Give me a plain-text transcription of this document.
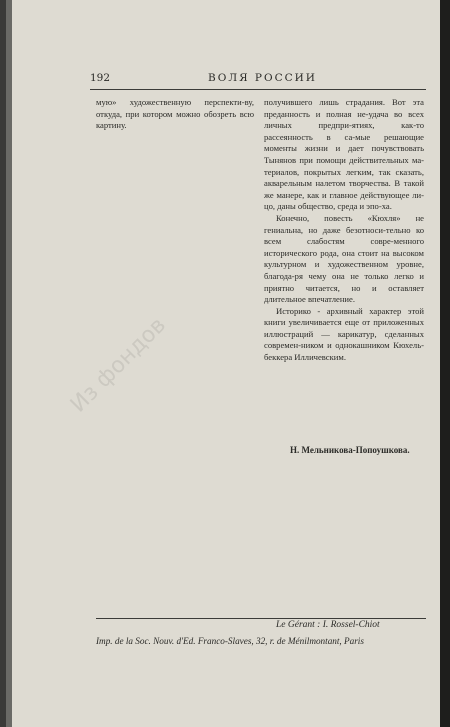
192	ВОЛЯ РОССИИ

мую» художественную перспекти-ву, откуда, при котором можно обозреть всю картину.

получившего лишь страдания. Вот эта преданность и полная не-удача во всех личных предпри-ятиях, как-то рассеянность в са-мые решающие моменты жизни и дает почувствовать Тынянов при помощи действительных ма-териалов, покрытых легким, так сказать, акварельным налетом творчества. В такой же манере, как и главное действующее ли-цо, даны общество, среда и эпо-ха.

Конечно, повесть «Кюхля» не гениальна, но даже безотноси-тельно ко всем слабостям совре-менного исторического рода, она стоит на высоком культурном и художественном уровне, благода-ря чему она не только легко и приятно читается, но и оставляет длительное впечатление.

Историко - архивный характер этой книги увеличивается еще от приложенных иллюстраций — карикатур, сделанных современ-ником и однокашником Кюхель-беккера Илличевским.

Н. Мельникова-Попоушкова.
Из фондов
Le Gérant : I. Rossel-Chiot
Imp. de la Soc. Nouv. d'Ed. Franco-Slaves, 32, r. de Ménilmontant, Paris
